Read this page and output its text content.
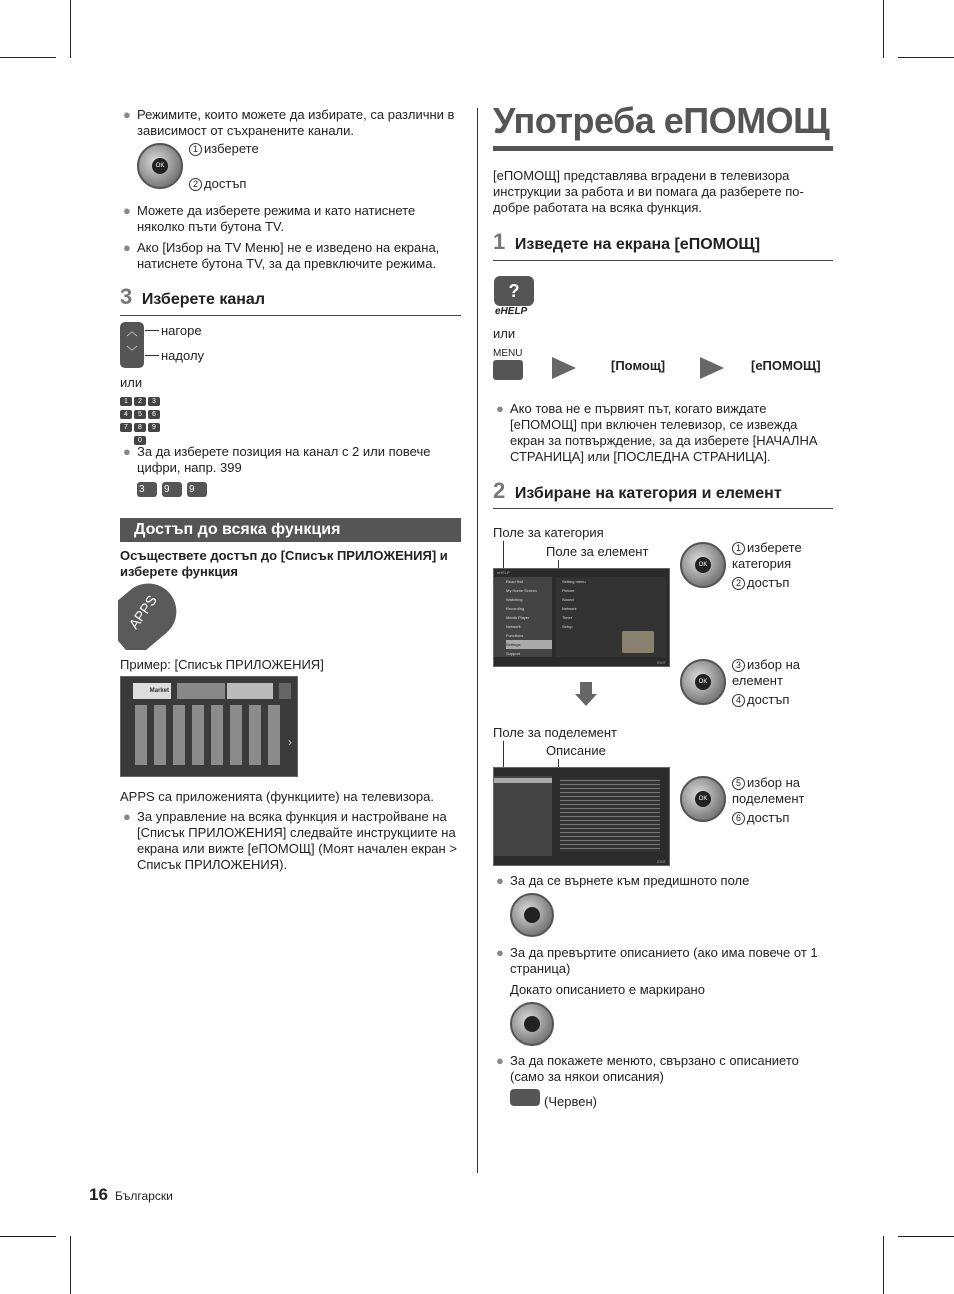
● Режимите, които можете да избирате, са различни в зависимост от съхранените канали.
OK
1 изберете
2 достъп
● Можете да изберете режима и като натиснете няколко пъти бутона TV.
● Ако [Избор на TV Меню] не е изведено на екрана, натиснете бутона TV, за да превключите режима.
3 Изберете канал
︿
﹀
нагоре
надолу
или
1 2 3
4 5 6
7 8 9
0
● За да изберете позиция на канал с 2 или повече цифри, напр. 399
3 9 9
Достъп до всяка функция
Осъществете достъп до [Списък ПРИЛОЖЕНИЯ] и изберете функция
APPS
Пример: [Списък ПРИЛОЖЕНИЯ]
Market
›
APPS са приложенията (функциите) на телевизора.
● За управление на всяка функция и настройване на [Списък ПРИЛОЖЕНИЯ] следвайте инструкциите на екрана или вижте [еПОМОЩ] (Моят начален екран > Списък ПРИЛОЖЕНИЯ).
Употреба еПОМОЩ
[еПОМОЩ] представлява вградени в телевизора инструкции за работа и ви помага да разберете по-добре работата на всяка функция.
1 Изведете на екрана [еПОМОЩ]
?
eHELP
или
MENU
[Помощ]	[еПОМОЩ]
● Ако това не е първият път, когато виждате [еПОМОЩ] при включен телевизор, се извежда екран за потвърждение, за да изберете [НАЧАЛНА СТРАНИЦА] или [ПОСЛЕДНА СТРАНИЦА].
2 Избиране на категория и елемент
Поле за категория
Поле за елемент
eHELP
Read first
My Home Screen
Watching
Recording
Media Player
Network
Functions
Settings
Support
Setting menu
Picture
Sound
Network
Timer
Setup
EXIT
OK
1 изберете категория
2 достъп
OK
3 избор на елемент
4 достъп
Поле за поделемент
Описание
EXIT
OK
5 избор на поделемент
6 достъп
● За да се върнете към предишното поле
● За да превъртите описанието (ако има повече от 1 страница)
Докато описанието е маркирано
● За да покажете менюто, свързано с описанието (само за някои описания)
(Червен)
16 Български
